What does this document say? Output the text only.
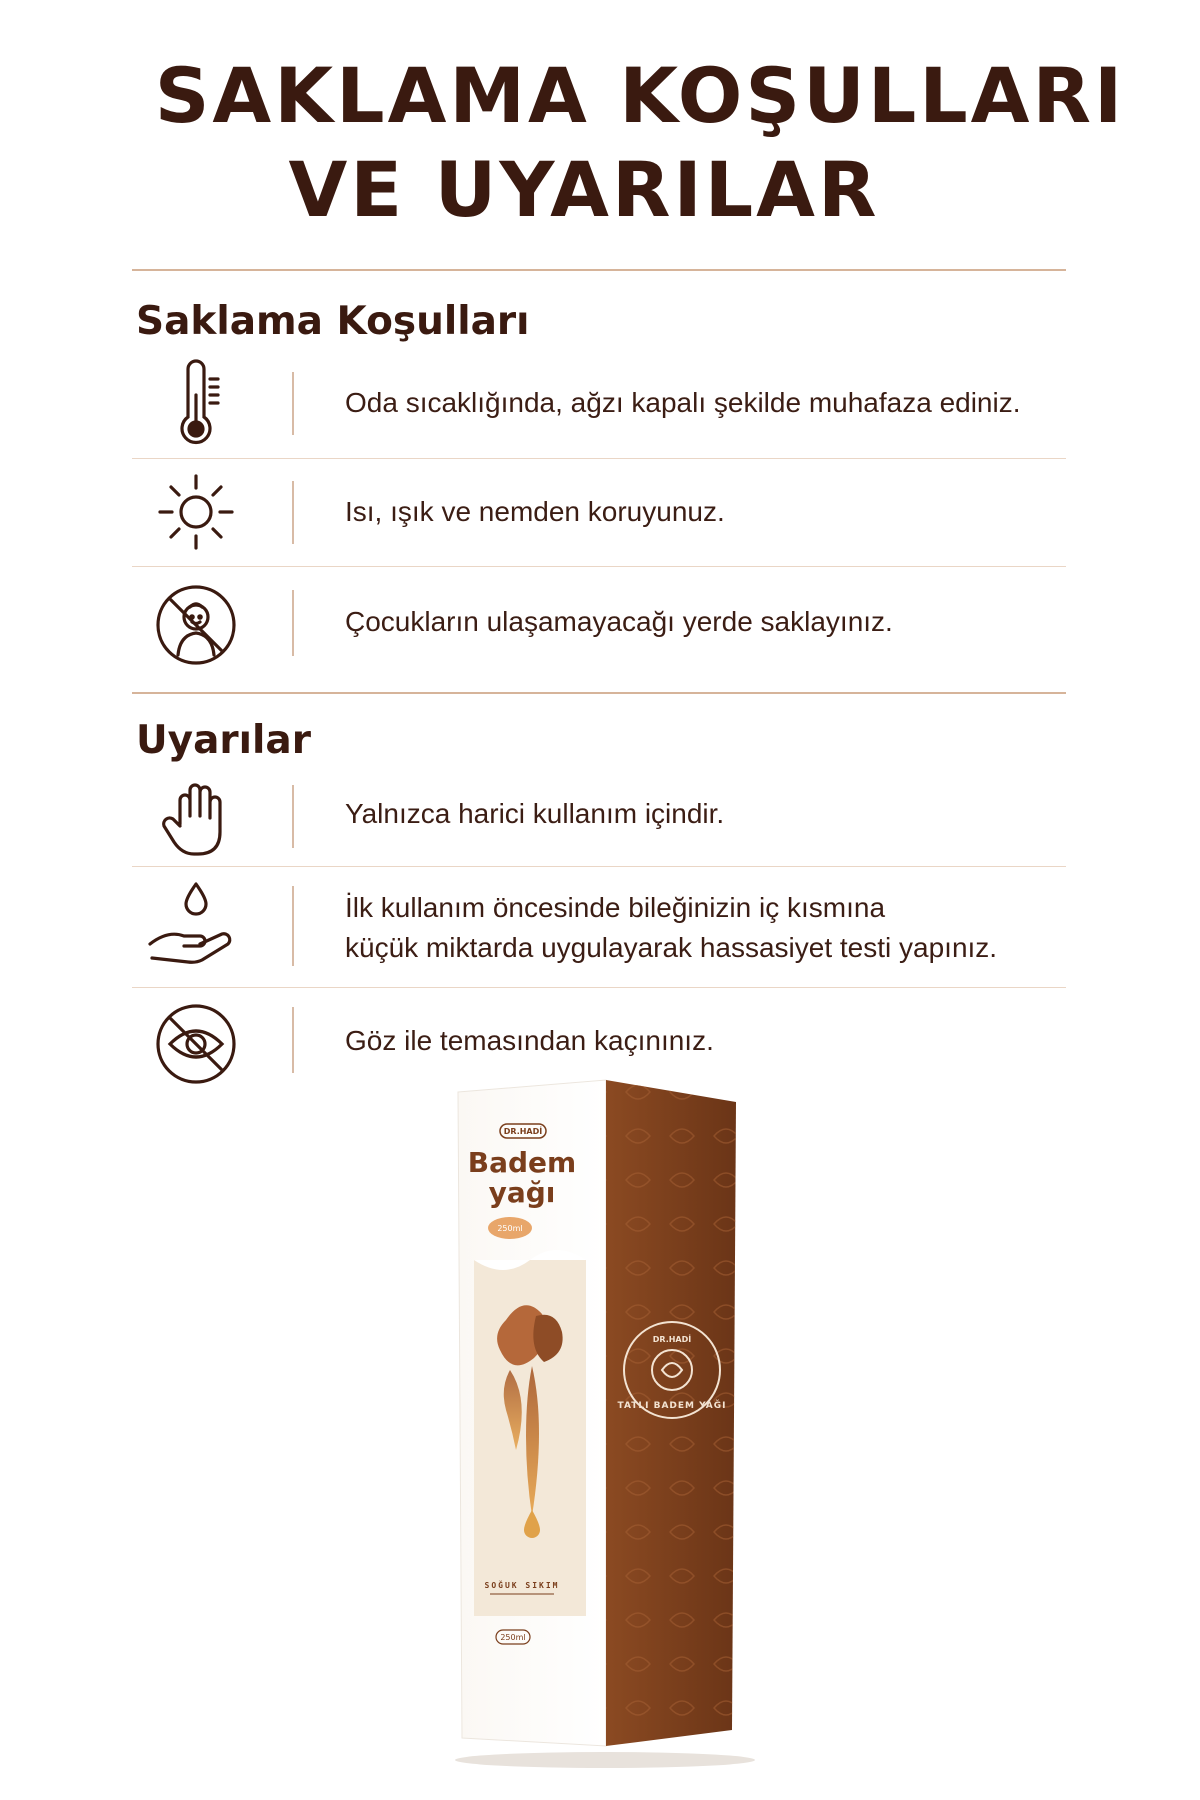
SAKLAMA KOŞULLARI
VE UYARILAR
Saklama Koşulları
Oda sıcaklığında, ağzı kapalı şekilde muhafaza ediniz.
Isı, ışık ve nemden koruyunuz.
Çocukların ulaşamayacağı yerde saklayınız.
Uyarılar
Yalnızca harici kullanım içindir.
İlk kullanım öncesinde bileğinizin iç kısmına
küçük miktarda uygulayarak hassasiyet testi yapınız.
Göz ile temasından kaçınınız.
DR.HADİ
Badem
yağı
250ml
SOĞUK SIKIM
250ml
DR.HADİ
TATLI BADEM YAĞI
